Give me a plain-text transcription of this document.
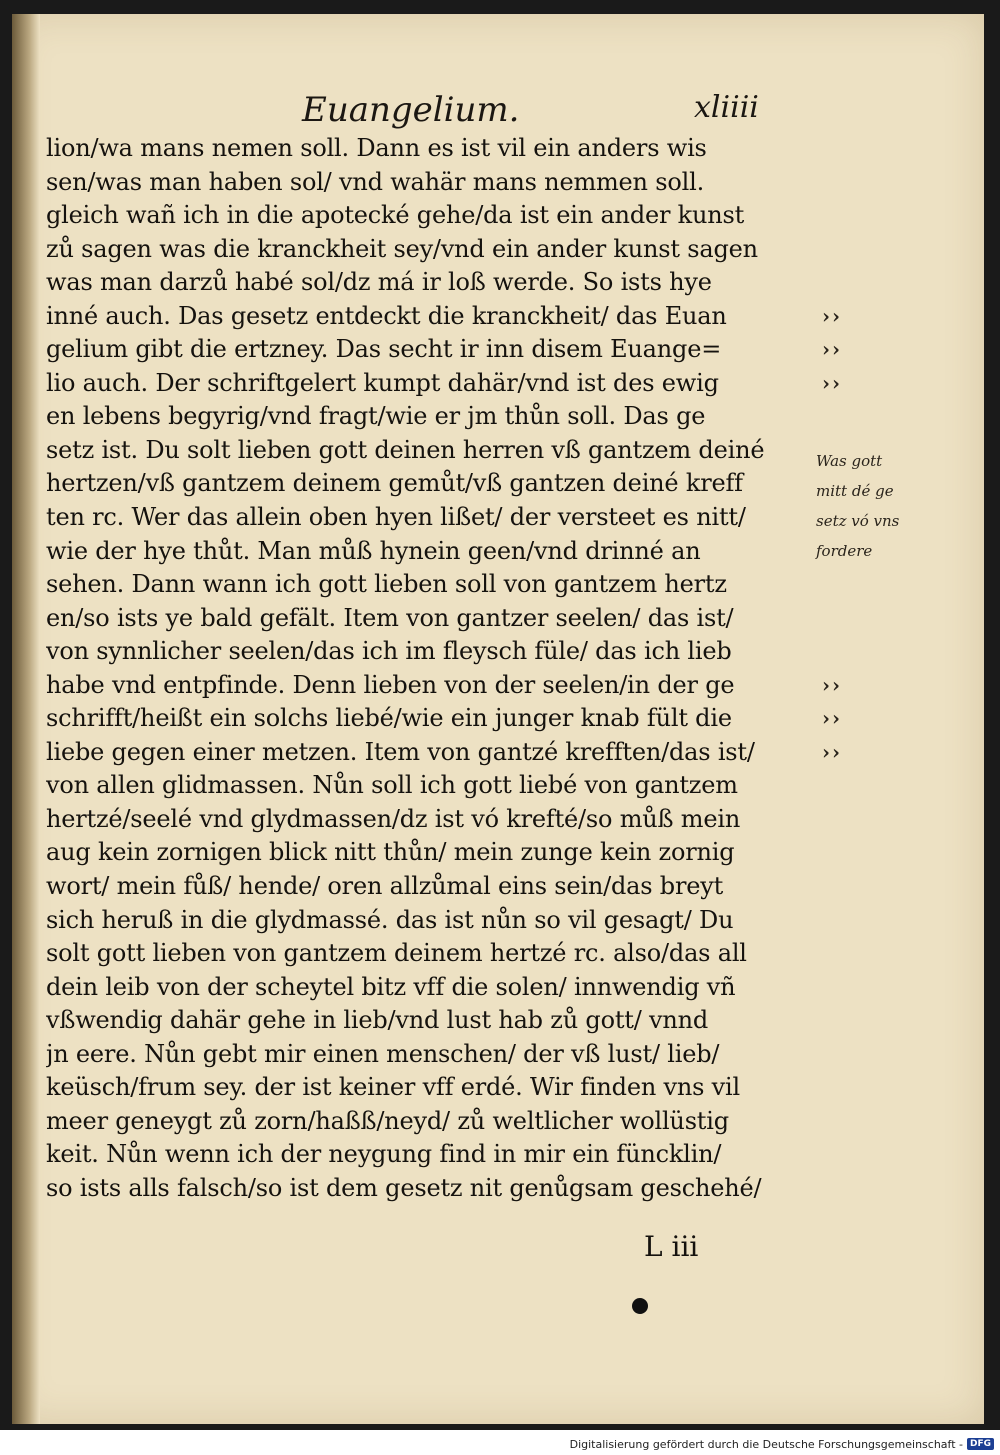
Euangelium.	xliiii
lion/wa mans nemen soll. Dann es ist vil ein anders wis
sen/was man haben sol/ vnd wahär mans nemmen soll.
gleich wañ ich in die apotecké gehe/da ist ein ander kunst
zů sagen was die kranckheit sey/vnd ein ander kunst sagen
was man darzů habé sol/dz má ir loß werde. So ists hye
inné auch. Das gesetz entdeckt die kranckheit/ das Euan
gelium gibt die ertzney. Das secht ir inn disem Euange=
lio auch. Der schriftgelert kumpt dahär/vnd ist des ewig
en lebens begyrig/vnd fragt/wie er jm thůn soll. Das ge
setz ist. Du solt lieben gott deinen herren vß gantzem deiné
hertzen/vß gantzem deinem gemůt/vß gantzen deiné kreff
ten rc. Wer das allein oben hyen lißet/ der versteet es nitt/
wie der hye thůt. Man můß hynein geen/vnd drinné an
sehen. Dann wann ich gott lieben soll von gantzem hertz
en/so ists ye bald gefält. Item von gantzer seelen/ das ist/
von synnlicher seelen/das ich im fleysch füle/ das ich lieb
habe vnd entpfinde. Denn lieben von der seelen/in der ge
schrifft/heißt ein solchs liebé/wie ein junger knab fült die
liebe gegen einer metzen. Item von gantzé krefften/das ist/
von allen glidmassen. Nůn soll ich gott liebé von gantzem
hertzé/seelé vnd glydmassen/dz ist vó krefté/so můß mein
aug kein zornigen blick nitt thůn/ mein zunge kein zornig
wort/ mein fůß/ hende/ oren allzůmal eins sein/das breyt
sich heruß in die glydmassé. das ist nůn so vil gesagt/ Du
solt gott lieben von gantzem deinem hertzé rc. also/das all
dein leib von der scheytel bitz vff die solen/ innwendig vñ
vßwendig dahär gehe in lieb/vnd lust hab zů gott/ vnnd
jn eere. Nůn gebt mir einen menschen/ der vß lust/ lieb/
keüsch/frum sey. der ist keiner vff erdé. Wir finden vns vil
meer geneygt zů zorn/haßß/neyd/ zů weltlicher wollüstig
keit. Nůn wenn ich der neygung find in mir ein füncklin/
so ists alls falsch/so ist dem gesetz nit genůgsam geschehé/
››
››
››
››
››
››
Was gott
mitt dé ge
setz vó vns
fordere
L iii
Digitalisierung gefördert durch die Deutsche Forschungsgemeinschaft - DFG
